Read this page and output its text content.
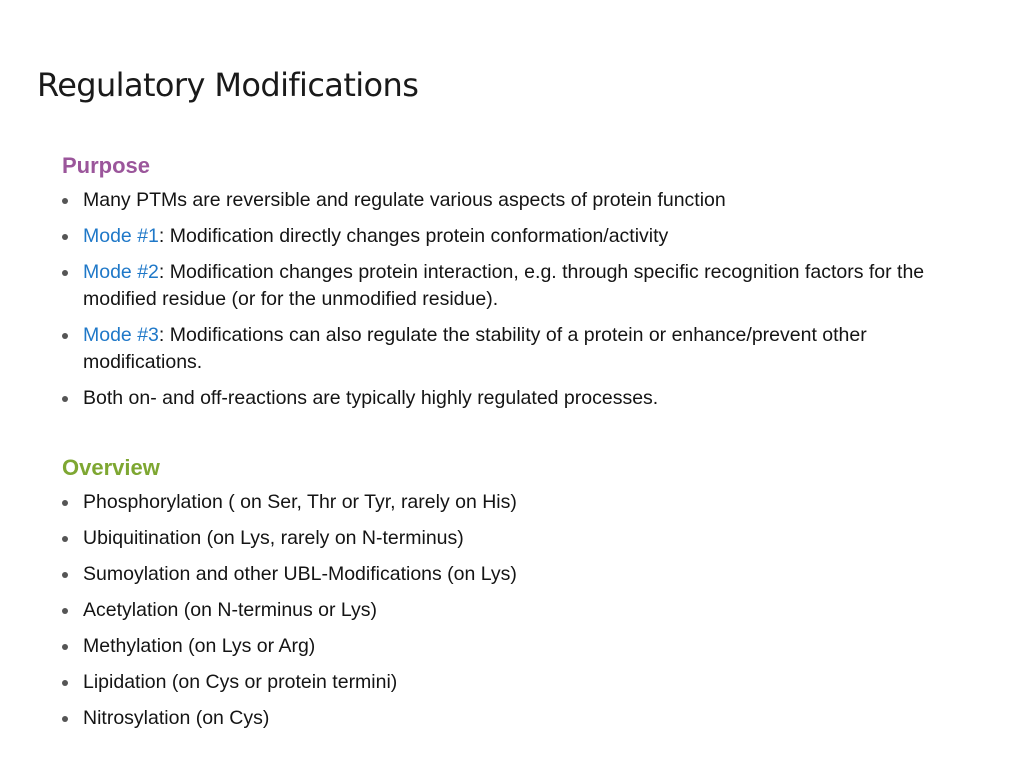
Regulatory Modifications
Purpose
Many PTMs are reversible and regulate various aspects of protein function
Mode #1: Modification directly changes protein conformation/activity
Mode #2: Modification changes protein interaction, e.g. through specific recognition factors for the modified residue (or for the unmodified residue).
Mode #3: Modifications can also regulate the stability of a protein or enhance/prevent other modifications.
Both on- and off-reactions are typically highly regulated processes.
Overview
Phosphorylation ( on Ser, Thr or Tyr, rarely on His)
Ubiquitination (on Lys, rarely on N-terminus)
Sumoylation and other UBL-Modifications (on Lys)
Acetylation (on N-terminus or Lys)
Methylation (on Lys or Arg)
Lipidation (on Cys or protein termini)
Nitrosylation (on Cys)
